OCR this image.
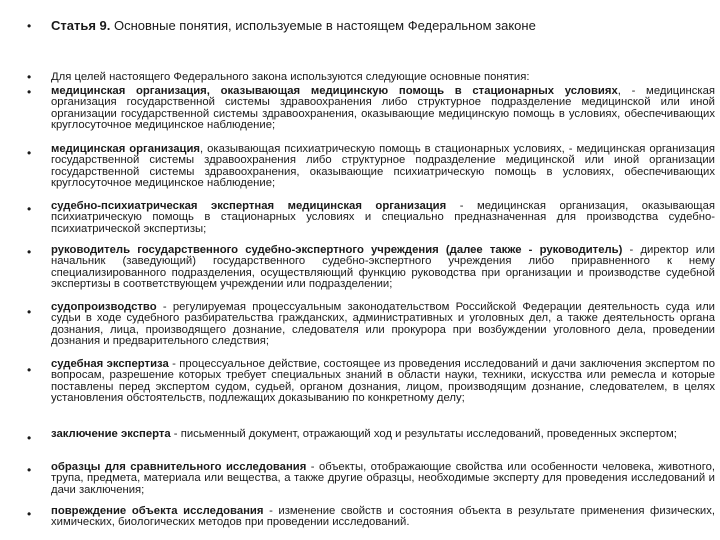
• Статья 9. Основные понятия, используемые в настоящем Федеральном законе
• Для целей настоящего Федерального закона используются следующие основные понятия:
• медицинская организация, оказывающая медицинскую помощь в стационарных условиях, - медицинская организация государственной системы здравоохранения либо структурное подразделение медицинской или иной организации государственной системы здравоохранения, оказывающие медицинскую помощь в условиях, обеспечивающих круглосуточное медицинское наблюдение;
• медицинская организация, оказывающая психиатрическую помощь в стационарных условиях, - медицинская организация государственной системы здравоохранения либо структурное подразделение медицинской или иной организации государственной системы здравоохранения, оказывающие психиатрическую помощь в условиях, обеспечивающих круглосуточное медицинское наблюдение;
• судебно-психиатрическая экспертная медицинская организация - медицинская организация, оказывающая психиатрическую помощь в стационарных условиях и специально предназначенная для производства судебно-психиатрической экспертизы;
• руководитель государственного судебно-экспертного учреждения (далее также - руководитель) - директор или начальник (заведующий) государственного судебно-экспертного учреждения либо приравненного к нему специализированного подразделения, осуществляющий функцию руководства при организации и производстве судебной экспертизы в соответствующем учреждении или подразделении;
• судопроизводство - регулируемая процессуальным законодательством Российской Федерации деятельность суда или судьи в ходе судебного разбирательства гражданских, административных и уголовных дел, а также деятельность органа дознания, лица, производящего дознание, следователя или прокурора при возбуждении уголовного дела, проведении дознания и предварительного следствия;
• судебная экспертиза - процессуальное действие, состоящее из проведения исследований и дачи заключения экспертом по вопросам, разрешение которых требует специальных знаний в области науки, техники, искусства или ремесла и которые поставлены перед экспертом судом, судьей, органом дознания, лицом, производящим дознание, следователем, в целях установления обстоятельств, подлежащих доказыванию по конкретному делу;
• заключение эксперта - письменный документ, отражающий ход и результаты исследований, проведенных экспертом;
• образцы для сравнительного исследования - объекты, отображающие свойства или особенности человека, животного, трупа, предмета, материала или вещества, а также другие образцы, необходимые эксперту для проведения исследований и дачи заключения;
• повреждение объекта исследования - изменение свойств и состояния объекта в результате применения физических, химических, биологических методов при проведении исследований.
